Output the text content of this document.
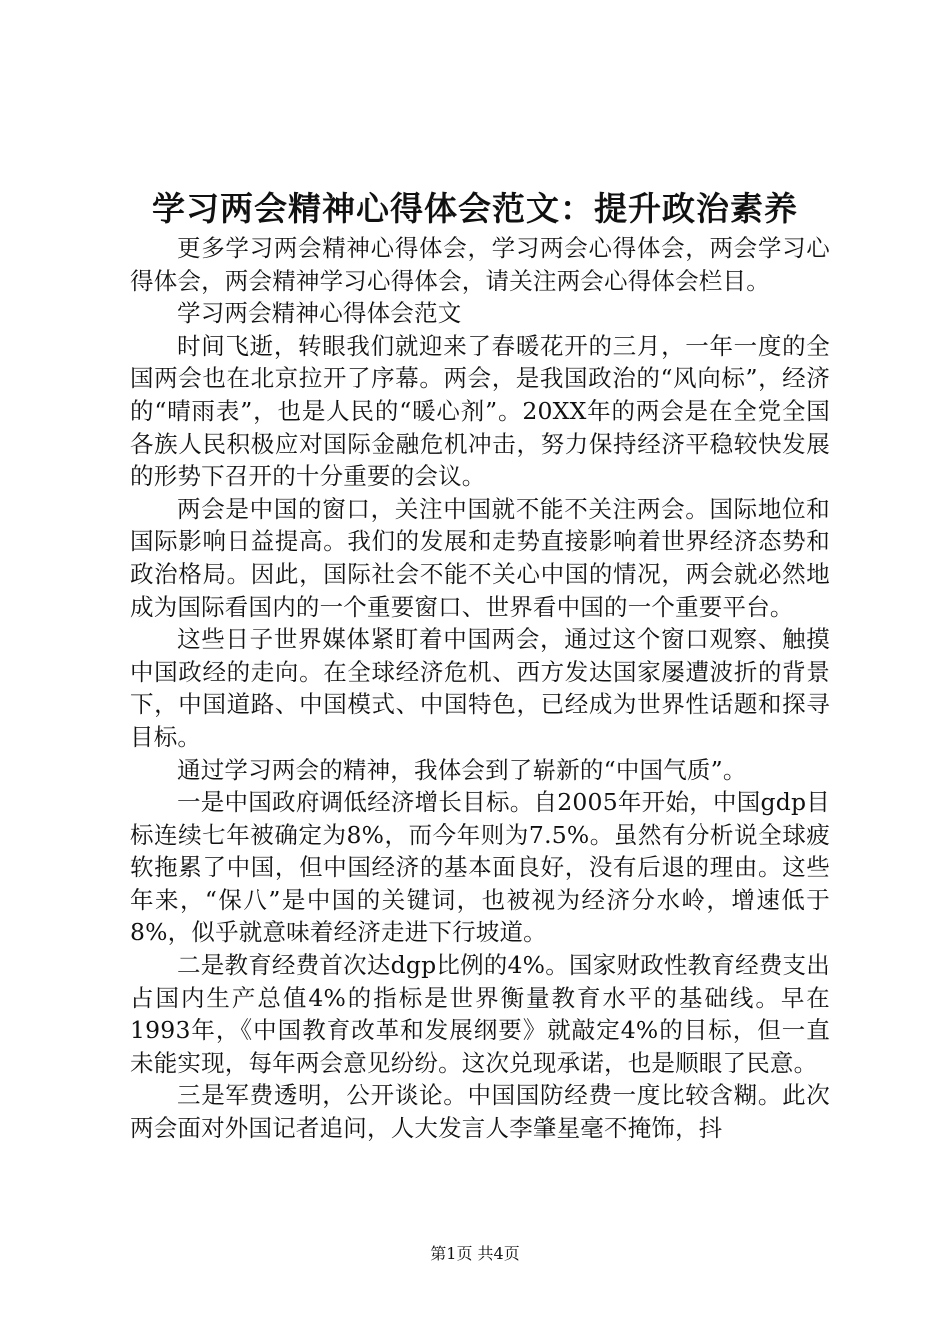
学习两会精神心得体会范文：提升政治素养

更多学习两会精神心得体会，学习两会心得体会，两会学习心得体会，两会精神学习心得体会，请关注两会心得体会栏目。

学习两会精神心得体会范文

时间飞逝，转眼我们就迎来了春暖花开的三月，一年一度的全国两会也在北京拉开了序幕。两会，是我国政治的“风向标”，经济的“晴雨表”，也是人民的“暖心剂”。20XX年的两会是在全党全国各族人民积极应对国际金融危机冲击，努力保持经济平稳较快发展的形势下召开的十分重要的会议。

两会是中国的窗口，关注中国就不能不关注两会。国际地位和国际影响日益提高。我们的发展和走势直接影响着世界经济态势和政治格局。因此，国际社会不能不关心中国的情况，两会就必然地成为国际看国内的一个重要窗口、世界看中国的一个重要平台。

这些日子世界媒体紧盯着中国两会，通过这个窗口观察、触摸中国政经的走向。在全球经济危机、西方发达国家屡遭波折的背景下，中国道路、中国模式、中国特色，已经成为世界性话题和探寻目标。

通过学习两会的精神，我体会到了崭新的“中国气质”。

一是中国政府调低经济增长目标。自2005年开始，中国gdp目标连续七年被确定为8%，而今年则为7.5%。虽然有分析说全球疲软拖累了中国，但中国经济的基本面良好，没有后退的理由。这些年来，“保八”是中国的关键词，也被视为经济分水岭，增速低于8%，似乎就意味着经济走进下行坡道。

二是教育经费首次达dgp比例的4%。国家财政性教育经费支出占国内生产总值4%的指标是世界衡量教育水平的基础线。早在1993年，《中国教育改革和发展纲要》就敲定4%的目标，但一直未能实现，每年两会意见纷纷。这次兑现承诺，也是顺眼了民意。

三是军费透明，公开谈论。中国国防经费一度比较含糊。此次两会面对外国记者追问，人大发言人李肇星毫不掩饰，抖

第1页 共4页
